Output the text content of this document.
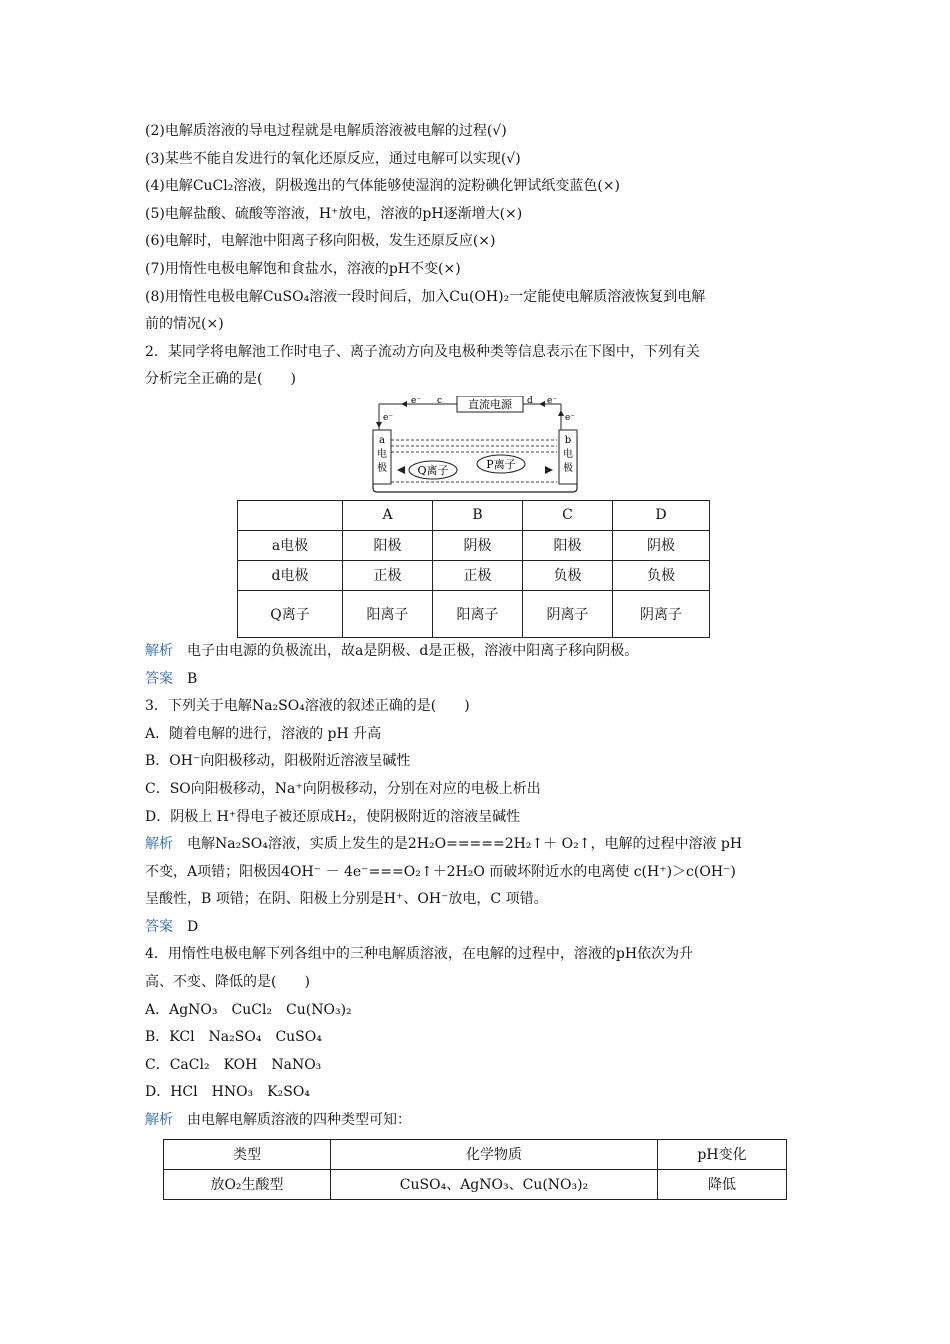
(2)电解质溶液的导电过程就是电解质溶液被电解的过程(√)
(3)某些不能自发进行的氧化还原反应，通过电解可以实现(√)
(4)电解CuCl₂溶液，阴极逸出的气体能够使湿润的淀粉碘化钾试纸变蓝色(×)
(5)电解盐酸、硫酸等溶液，H⁺放电，溶液的pH逐渐增大(×)
(6)电解时，电解池中阳离子移向阳极，发生还原反应(×)
(7)用惰性电极电解饱和食盐水，溶液的pH不变(×)
(8)用惰性电极电解CuSO₄溶液一段时间后，加入Cu(OH)₂一定能使电解质溶液恢复到电解
前的情况(×)
2．某同学将电解池工作时电子、离子流动方向及电极种类等信息表示在下图中，下列有关
分析完全正确的是(　　)
直流电源
e⁻ c	d e⁻
e⁻	e⁻
a
电
极
b
电
极
Q离子	P离子
	A	B	C	D
a电极	阳极	阴极	阳极	阴极
d电极	正极	正极	负极	负极
Q离子	阳离子	阳离子	阴离子	阴离子
解析 电子由电源的负极流出，故a是阴极、d是正极，溶液中阳离子移向阴极。
答案 B
3．下列关于电解Na₂SO₄溶液的叙述正确的是(　　)
A．随着电解的进行，溶液的 pH 升高
B．OH⁻向阳极移动，阳极附近溶液呈碱性
C．SO向阳极移动，Na⁺向阴极移动，分别在对应的电极上析出
D．阴极上 H⁺得电子被还原成H₂，使阴极附近的溶液呈碱性
解析 电解Na₂SO₄溶液，实质上发生的是2H₂O=====2H₂↑＋ O₂↑，电解的过程中溶液 pH
不变，A项错；阳极因4OH⁻ － 4e⁻===O₂↑＋2H₂O 而破坏附近水的电离使 c(H⁺)＞c(OH⁻)
呈酸性，B 项错；在阴、阳极上分别是H⁺、OH⁻放电，C 项错。
答案 D
4．用惰性电极电解下列各组中的三种电解质溶液，在电解的过程中，溶液的pH依次为升
高、不变、降低的是(　　)
A．AgNO₃　CuCl₂　Cu(NO₃)₂
B．KCl　Na₂SO₄　CuSO₄
C．CaCl₂　KOH　NaNO₃
D．HCl　HNO₃　K₂SO₄
解析 由电解电解质溶液的四种类型可知：
类型	化学物质	pH变化
放O₂生酸型	CuSO₄、AgNO₃、Cu(NO₃)₂	降低
